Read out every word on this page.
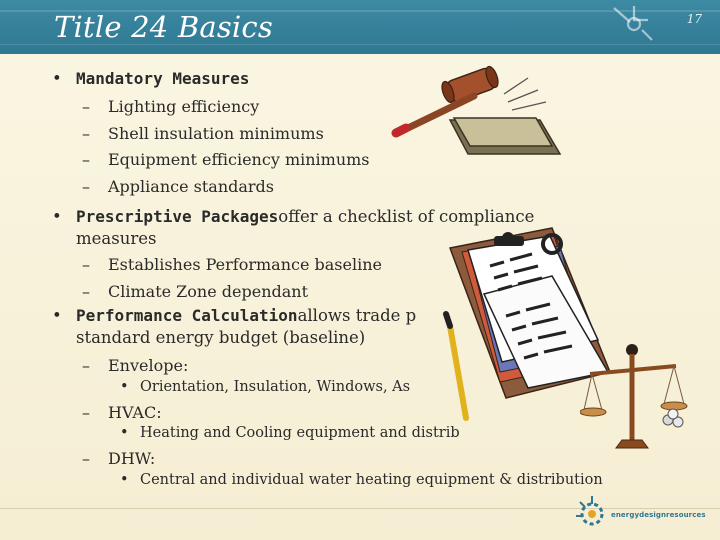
Title 24 Basics	17
• Mandatory Measures
– Lighting efficiency
– Shell insulation minimums
– Equipment efficiency minimums
– Appliance standards
• Prescriptive Packagesoffer a checklist of compliance
measures
– Establishes Performance baseline
– Climate Zone dependant
• Performance Calculationallows trade p
standard energy budget (baseline)
– Envelope:
• Orientation, Insulation, Windows, As
– HVAC:
• Heating and Cooling equipment and distrib
– DHW:
• Central and individual water heating equipment & distribution
energydesignresources
